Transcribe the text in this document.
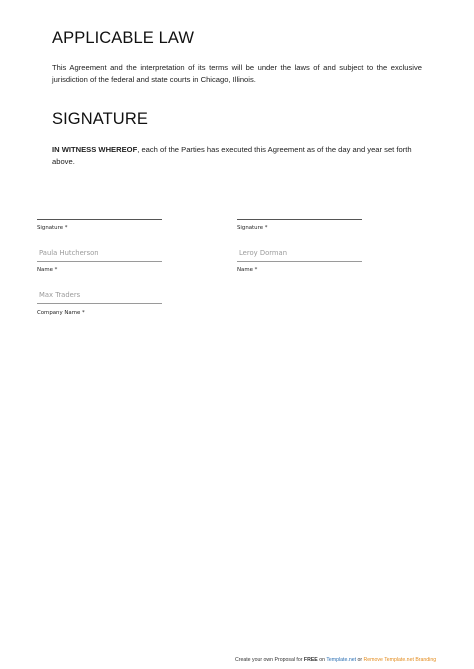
APPLICABLE LAW
This Agreement and the interpretation of its terms will be under the laws of and subject to the exclusive jurisdiction of the federal and state courts in Chicago, Illinois.
SIGNATURE
IN WITNESS WHEREOF, each of the Parties has executed this Agreement as of the day and year set forth above.
Signature *
Paula Hutcherson
Name *
Max Traders
Company Name *
Signature *
Leroy Dorman
Name *
Create your own Proposal for FREE on Template.net or Remove Template.net Branding
